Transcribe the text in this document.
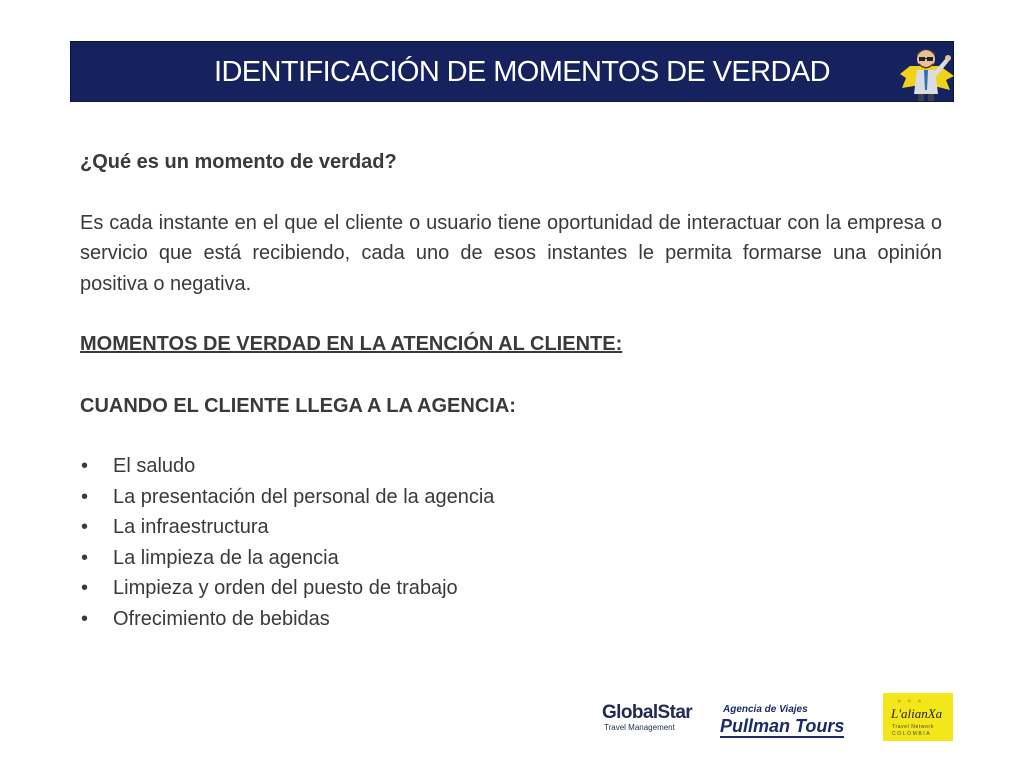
IDENTIFICACIÓN DE MOMENTOS DE VERDAD

¿Qué es un momento de verdad?

Es cada instante en el que el cliente o usuario tiene oportunidad de interactuar con la empresa o servicio que está recibiendo, cada uno de esos instantes le permita formarse una opinión positiva o negativa.

MOMENTOS DE VERDAD EN LA ATENCIÓN AL CLIENTE:

CUANDO EL CLIENTE LLEGA A LA AGENCIA:

• El saludo
• La presentación del personal de la agencia
• La infraestructura
• La limpieza de la agencia
• Limpieza y orden del puesto de trabajo
• Ofrecimiento de bebidas
GlobalStar
Travel Management
Agencia de Viajes
Pullman Tours
● ● ●
L'alianXa
Travel Network
COLOMBIA
